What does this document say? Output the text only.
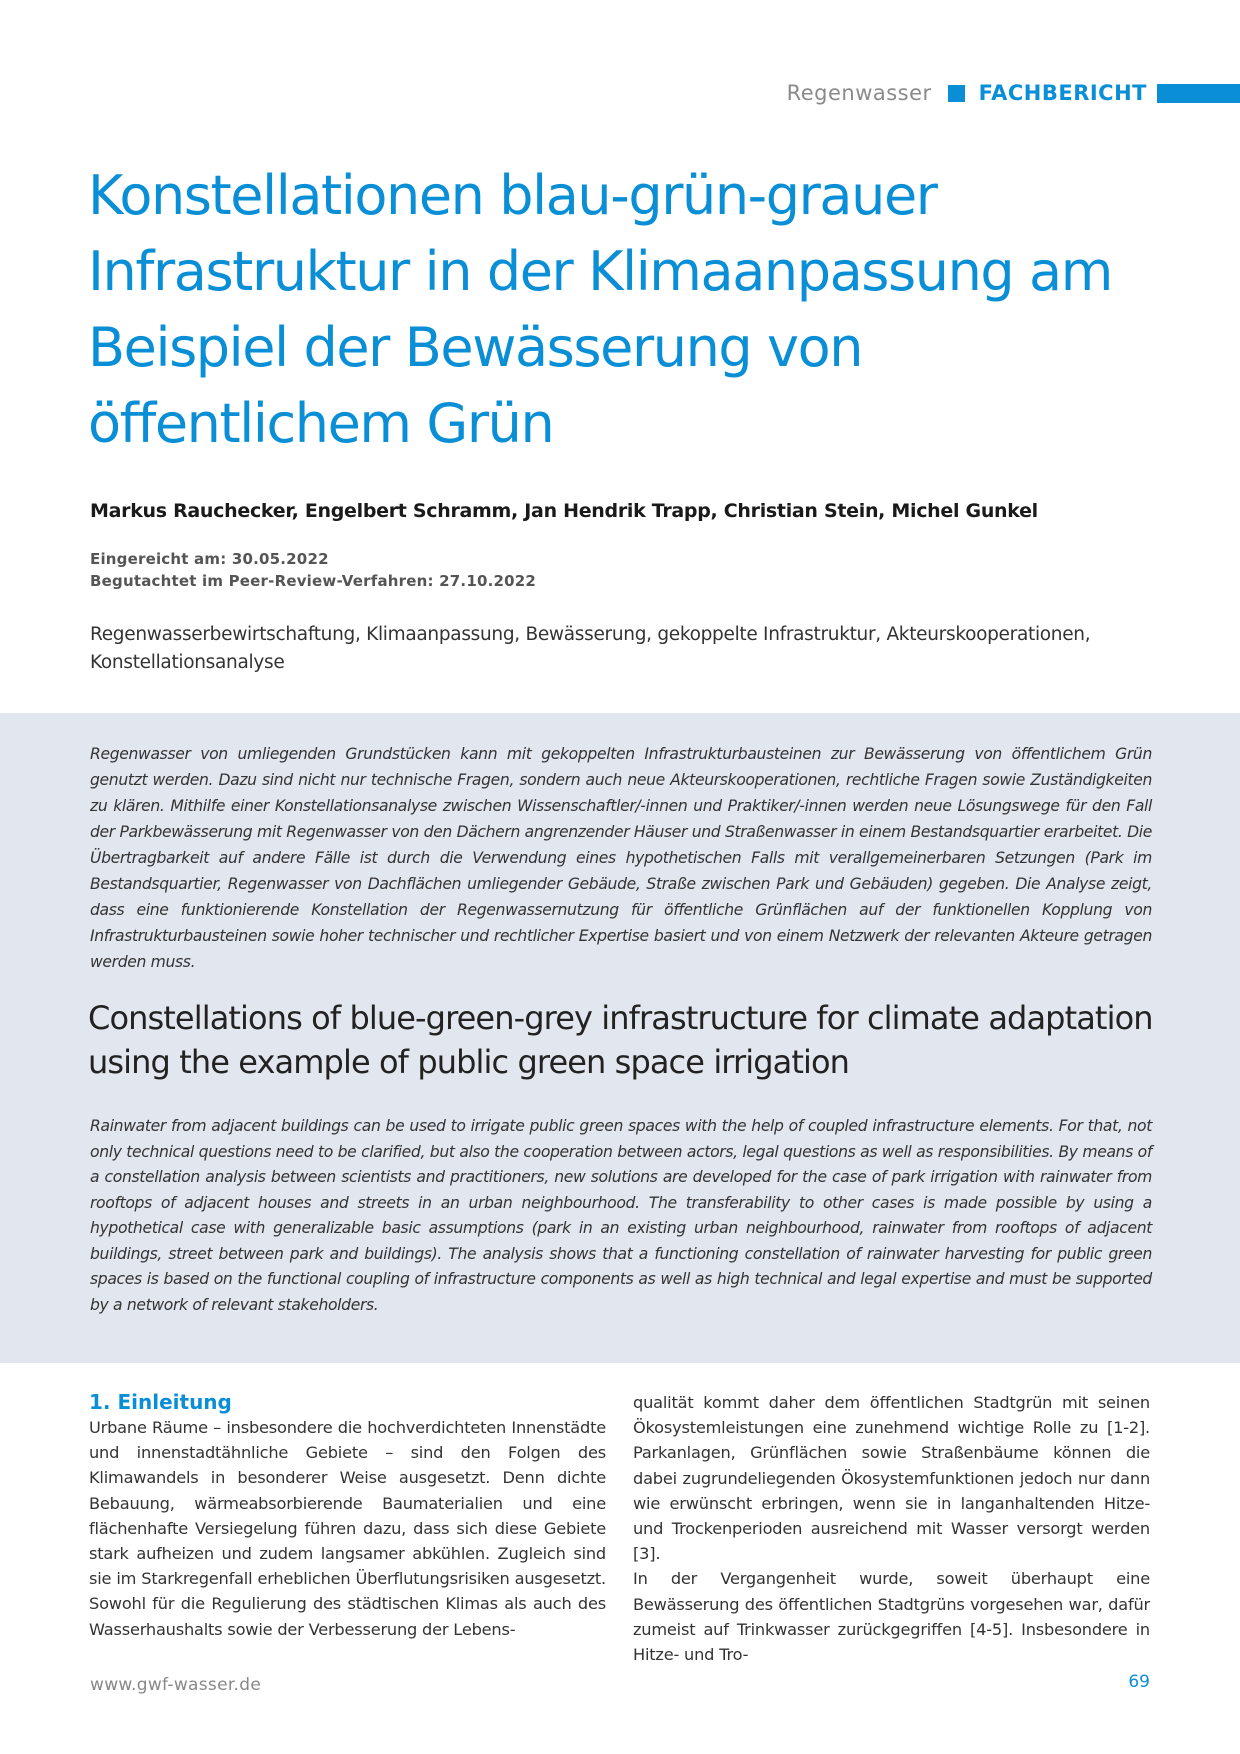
Regenwasser FACHBERICHT
Konstellationen blau-grün-grauer Infrastruktur in der Klimaanpassung am Beispiel der Bewässerung von öffentlichem Grün
Markus Rauchecker, Engelbert Schramm, Jan Hendrik Trapp, Christian Stein, Michel Gunkel
Eingereicht am: 30.05.2022
Begutachtet im Peer-Review-Verfahren: 27.10.2022
Regenwasserbewirtschaftung, Klimaanpassung, Bewässerung, gekoppelte Infrastruktur, Akteurskooperationen, Konstellationsanalyse

Regenwasser von umliegenden Grundstücken kann mit gekoppelten Infrastrukturbausteinen zur Bewässerung von öffentlichem Grün genutzt werden. Dazu sind nicht nur technische Fragen, sondern auch neue Akteurskooperationen, rechtliche Fragen sowie Zuständigkeiten zu klären. Mithilfe einer Konstellationsanalyse zwischen Wissenschaftler/-innen und Praktiker/-innen werden neue Lösungswege für den Fall der Parkbewässerung mit Regenwasser von den Dächern angrenzender Häuser und Straßenwasser in einem Bestandsquartier erarbeitet. Die Übertragbarkeit auf andere Fälle ist durch die Verwendung eines hypothetischen Falls mit verallgemeinerbaren Setzungen (Park im Bestandsquartier, Regenwasser von Dachflächen umliegender Gebäude, Straße zwischen Park und Gebäuden) gegeben. Die Analyse zeigt, dass eine funktionierende Konstellation der Regenwassernutzung für öffentliche Grünflächen auf der funktionellen Kopplung von Infrastrukturbausteinen sowie hoher technischer und rechtlicher Expertise basiert und von einem Netzwerk der relevanten Akteure getragen werden muss.

Constellations of blue-green-grey infrastructure for climate adaptation using the example of public green space irrigation

Rainwater from adjacent buildings can be used to irrigate public green spaces with the help of coupled infrastructure elements. For that, not only technical questions need to be clarified, but also the cooperation between actors, legal questions as well as responsibilities. By means of a constellation analysis between scientists and practitioners, new solutions are developed for the case of park irrigation with rainwater from rooftops of adjacent houses and streets in an urban neighbourhood. The transferability to other cases is made possible by using a hypothetical case with generalizable basic assumptions (park in an existing urban neighbourhood, rainwater from rooftops of adjacent buildings, street between park and buildings). The analysis shows that a functioning constellation of rainwater harvesting for public green spaces is based on the functional coupling of infrastructure components as well as high technical and legal expertise and must be supported by a network of relevant stakeholders.

1. Einleitung

Urbane Räume – insbesondere die hochverdichteten Innenstädte und innenstadtähnliche Gebiete – sind den Folgen des Klimawandels in besonderer Weise ausgesetzt. Denn dichte Bebauung, wärmeabsorbierende Baumaterialien und eine flächenhafte Versiegelung führen dazu, dass sich diese Gebiete stark aufheizen und zudem langsamer abkühlen. Zugleich sind sie im Starkregenfall erheblichen Überflutungsrisiken ausgesetzt. Sowohl für die Regulierung des städtischen Klimas als auch des Wasserhaushalts sowie der Verbesserung der Lebens-

qualität kommt daher dem öffentlichen Stadtgrün mit seinen Ökosystemleistungen eine zunehmend wichtige Rolle zu [1-2]. Parkanlagen, Grünflächen sowie Straßenbäume können die dabei zugrundeliegenden Ökosystemfunktionen jedoch nur dann wie erwünscht erbringen, wenn sie in langanhaltenden Hitze- und Trockenperioden ausreichend mit Wasser versorgt werden [3].

In der Vergangenheit wurde, soweit überhaupt eine Bewässerung des öffentlichen Stadtgrüns vorgesehen war, dafür zumeist auf Trinkwasser zurückgegriffen [4-5]. Insbesondere in Hitze- und Tro-

www.gwf-wasser.de	69
